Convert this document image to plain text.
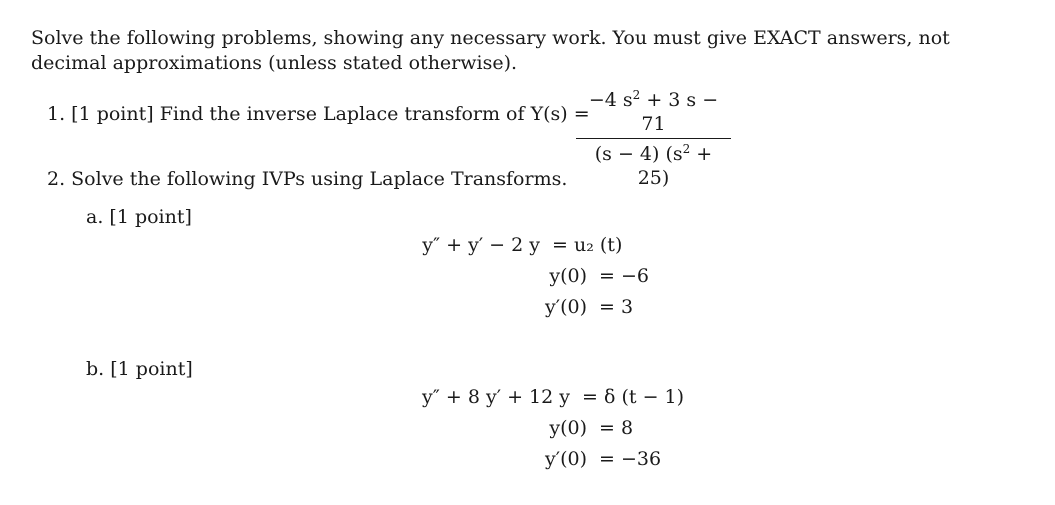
Solve the following problems, showing any necessary work. You must give EXACT answers, not decimal approximations (unless stated otherwise).
1. [1 point] Find the inverse Laplace transform of Y(s) =
−4 $s^2 + 3$ s − 71
(s − 4) $(s^2 + 25)$
2. Solve the following IVPs using Laplace Transforms.
a. [1 point]
y″ + y′ − 2 y = u₂ (t)
y(0) = −6
y′(0) = 3
b. [1 point]
y″ + 8 y′ + 12 y = δ (t − 1)
y(0) = 8
y′(0) = −36
